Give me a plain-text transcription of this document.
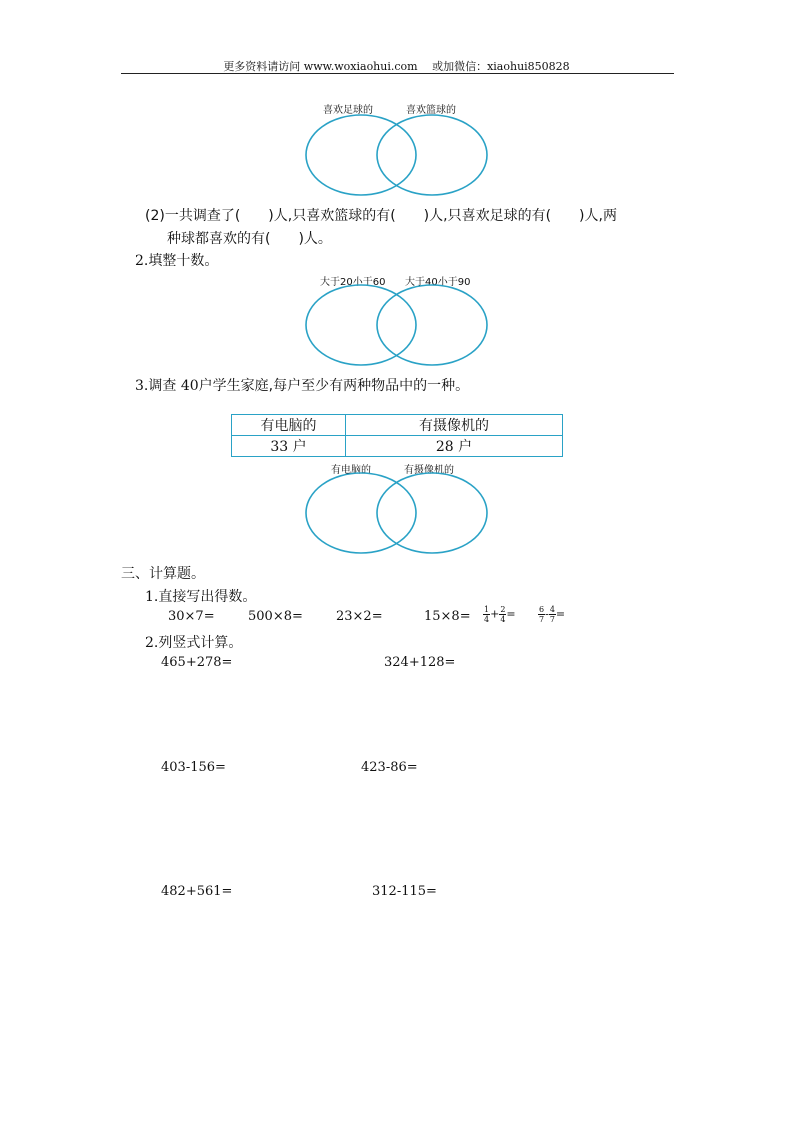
更多资料请访问 www.woxiaohui.com　 或加微信：xiaohui850828
喜欢足球的	喜欢篮球的
(2)一共调查了(　　)人,只喜欢篮球的有(　　)人,只喜欢足球的有(　　)人,两
种球都喜欢的有(　　)人。
2.填整十数。
大于20小于60 大于40小于90
3.调查 40户学生家庭,每户至少有两种物品中的一种。
有电脑的	有摄像机的
33 户	28 户
有电脑的	有摄像机的
三、计算题。
1.直接写出得数。
30×7=	500×8=	23×2=	$15\times 8= \frac{1}{4} + \frac{2}{4}$ =	$\frac{6}{7} - \frac{4}{7}$ =
2.列竖式计算。
465+278=	324+128=
403-156=	423-86=
482+561=	312-115=
